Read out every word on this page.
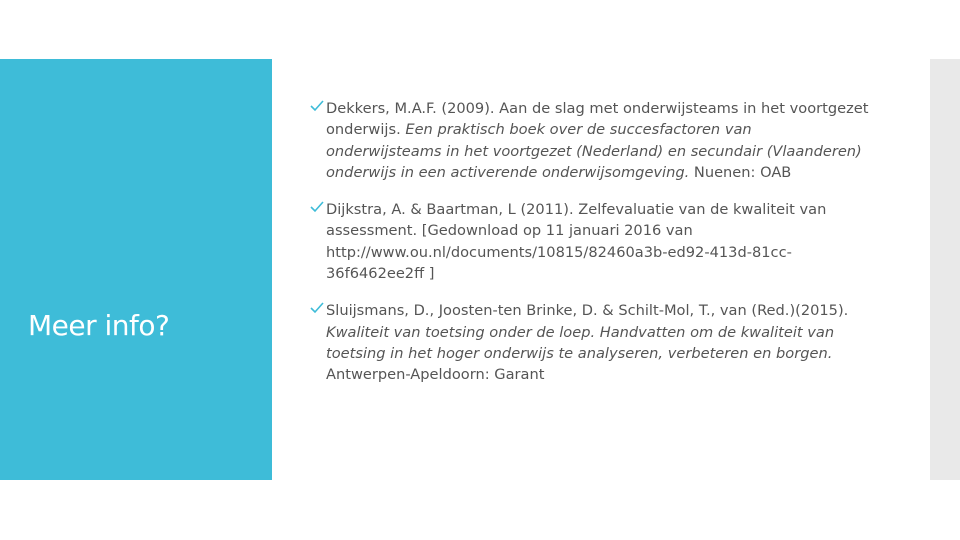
Meer info?

Dekkers, M.A.F. (2009). Aan de slag met onderwijsteams in het voortgezet onderwijs. Een praktisch boek over de succesfactoren van onderwijsteams in het voortgezet (Nederland) en secundair (Vlaanderen) onderwijs in een activerende onderwijsomgeving. Nuenen: OAB

Dijkstra, A. & Baartman, L (2011). Zelfevaluatie van de kwaliteit van assessment. [Gedownload op 11 januari 2016 van http://www.ou.nl/documents/10815/82460a3b-ed92-413d-81cc-36f6462ee2ff ]

Sluijsmans, D., Joosten-ten Brinke, D. & Schilt-Mol, T., van (Red.)(2015). Kwaliteit van toetsing onder de loep. Handvatten om de kwaliteit van toetsing in het hoger onderwijs te analyseren, verbeteren en borgen. Antwerpen-Apeldoorn: Garant
